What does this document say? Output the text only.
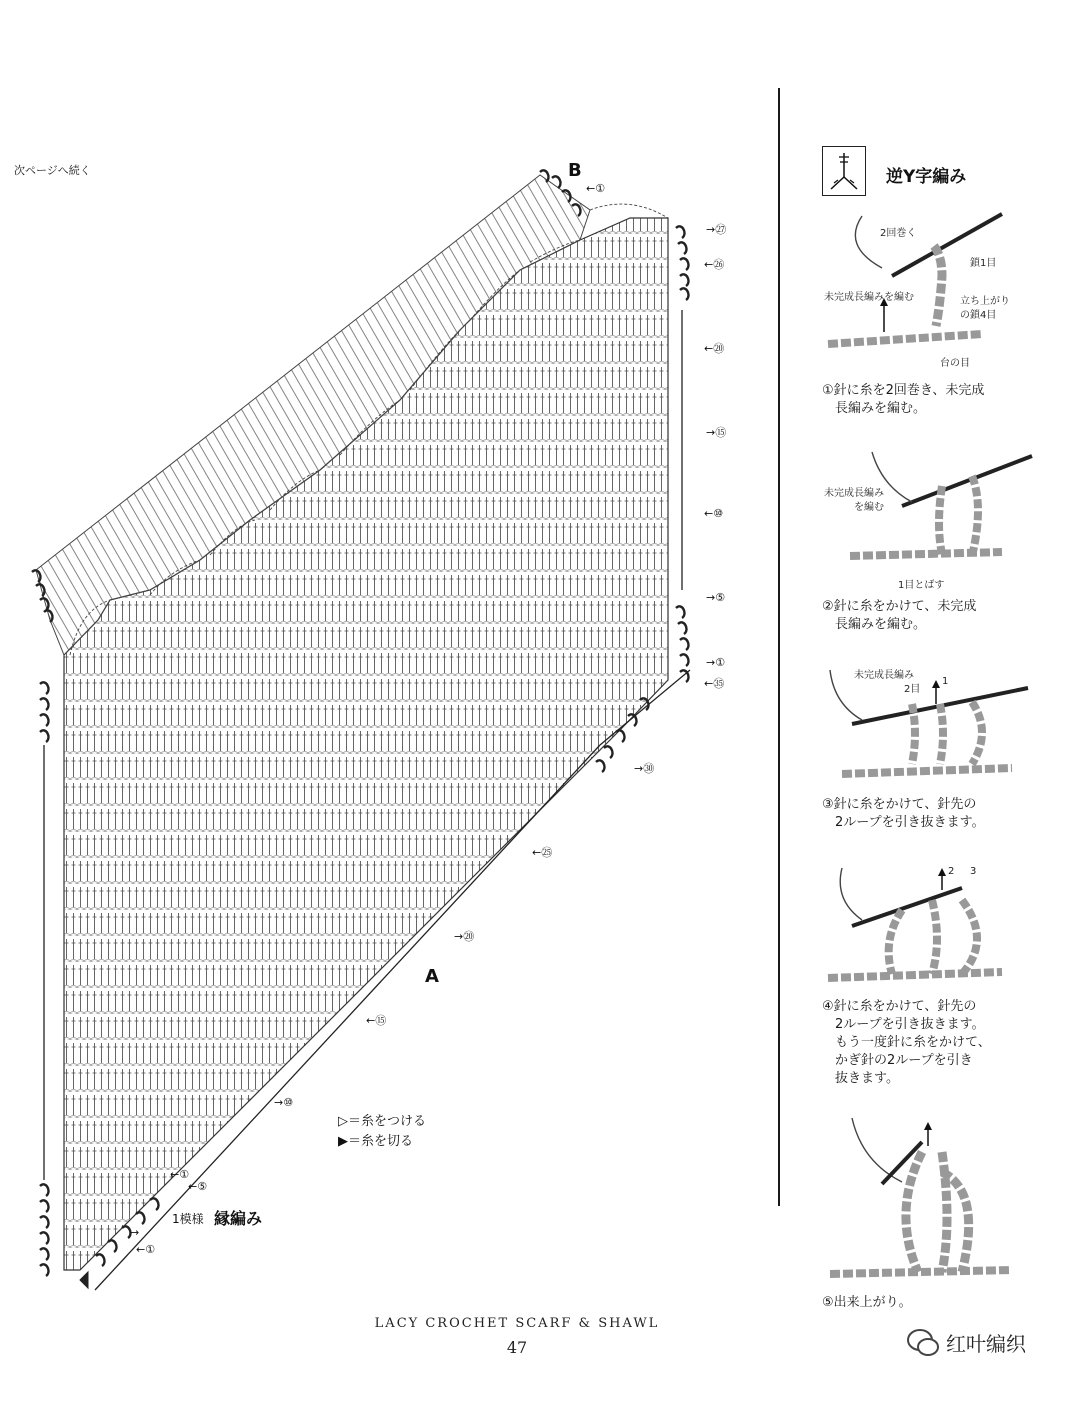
次ページへ続く	B
A
→㉗
←㉖
←⑳
→⑮
←⑩
→⑤
→①
←㉟
→㉚
←㉕
→⑳
←⑮
→⑩
←①
←①
←⑤
→
←①
▷＝糸をつける
▶＝糸を切る
1模様 縁編み
逆Y字編み
2回巻く
鎖1目
未完成長編みを編む	立ち上がり
の鎖4目
台の目
①針に糸を2回巻き、未完成
　長編みを編む。
未完成長編み
を編む
1目とばす
②針に糸をかけて、未完成
　長編みを編む。
未完成長編み
2目
1
③針に糸をかけて、針先の
　2ループを引き抜きます。
2 3
④針に糸をかけて、針先の
　2ループを引き抜きます。
　もう一度針に糸をかけて、
　かぎ針の2ループを引き
　抜きます。
⑤出来上がり。
LACY CROCHET SCARF & SHAWL
47	红叶编织
